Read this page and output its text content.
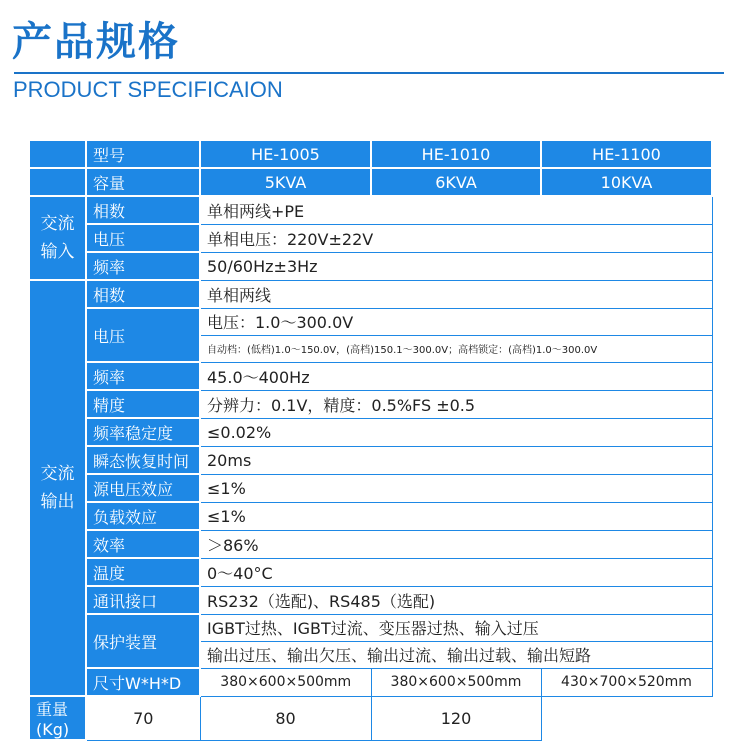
产品规格
PRODUCT SPECIFICAION
	型号	HE-1005	HE-1010	HE-1100
	容量	5KVA	6KVA	10KVA

交流
输入	相数	单相两线+PE		
	电压	单相电压：220V±22V		
	频率	50/60Hz±3Hz		

交流
输出	相数	单相两线		
	电压	电压：1.0～300.0V		
		自动档：(低档)1.0～150.0V，(高档)150.1～300.0V；高档锁定：(高档)1.0～300.0V		
	频率	45.0～400Hz		
	精度	分辨力：0.1V，精度：0.5%FS ±0.5		
	频率稳定度	≤0.02%		
	瞬态恢复时间	20ms		
	源电压效应	≤1%		
	负载效应	≤1%		
	效率	＞86%		
	温度	0～40°C		
	通讯接口	RS232（选配)、RS485（选配)		
	保护装置	IGBT过热、IGBT过流、变压器过热、输入过压		
		输出过压、输出欠压、输出过流、输出过载、输出短路		
	尺寸W*H*D	380×600×500mm	380×600×500mm	430×700×520mm
重量(Kg)	70	80	120	
